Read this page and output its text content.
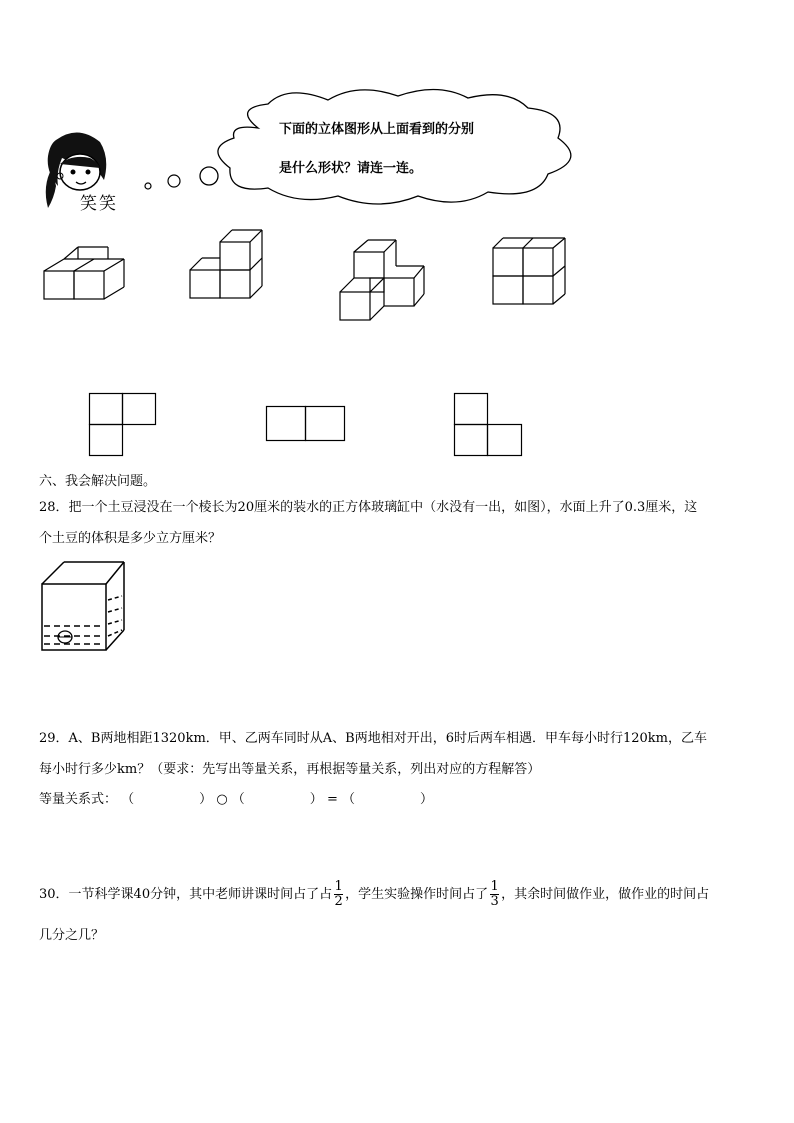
笑笑
下面的立体图形从上面看到的分别
是什么形状？请连一连。
六、我会解决问题。
28．把一个土豆浸没在一个棱长为20厘米的装水的正方体玻璃缸中（水没有一出，如图），水面上升了0.3厘米，这
个土豆的体积是多少立方厘米？
29．A、B两地相距1320km．甲、乙两车同时从A、B两地相对开出，6时后两车相遇．甲车每小时行120km，乙车
每小时行多少km？（要求：先写出等量关系，再根据等量关系，列出对应的方程解答）
等量关系式： （　　　　　） ○ （　　　　　） = （　　　　　）
30．一节科学课40分钟，其中老师讲课时间占了占 $\frac{1}{2}$ ，学生实验操作时间占了 $\frac{1}{3}$ ，其余时间做作业，做作业的时间占
几分之几？
